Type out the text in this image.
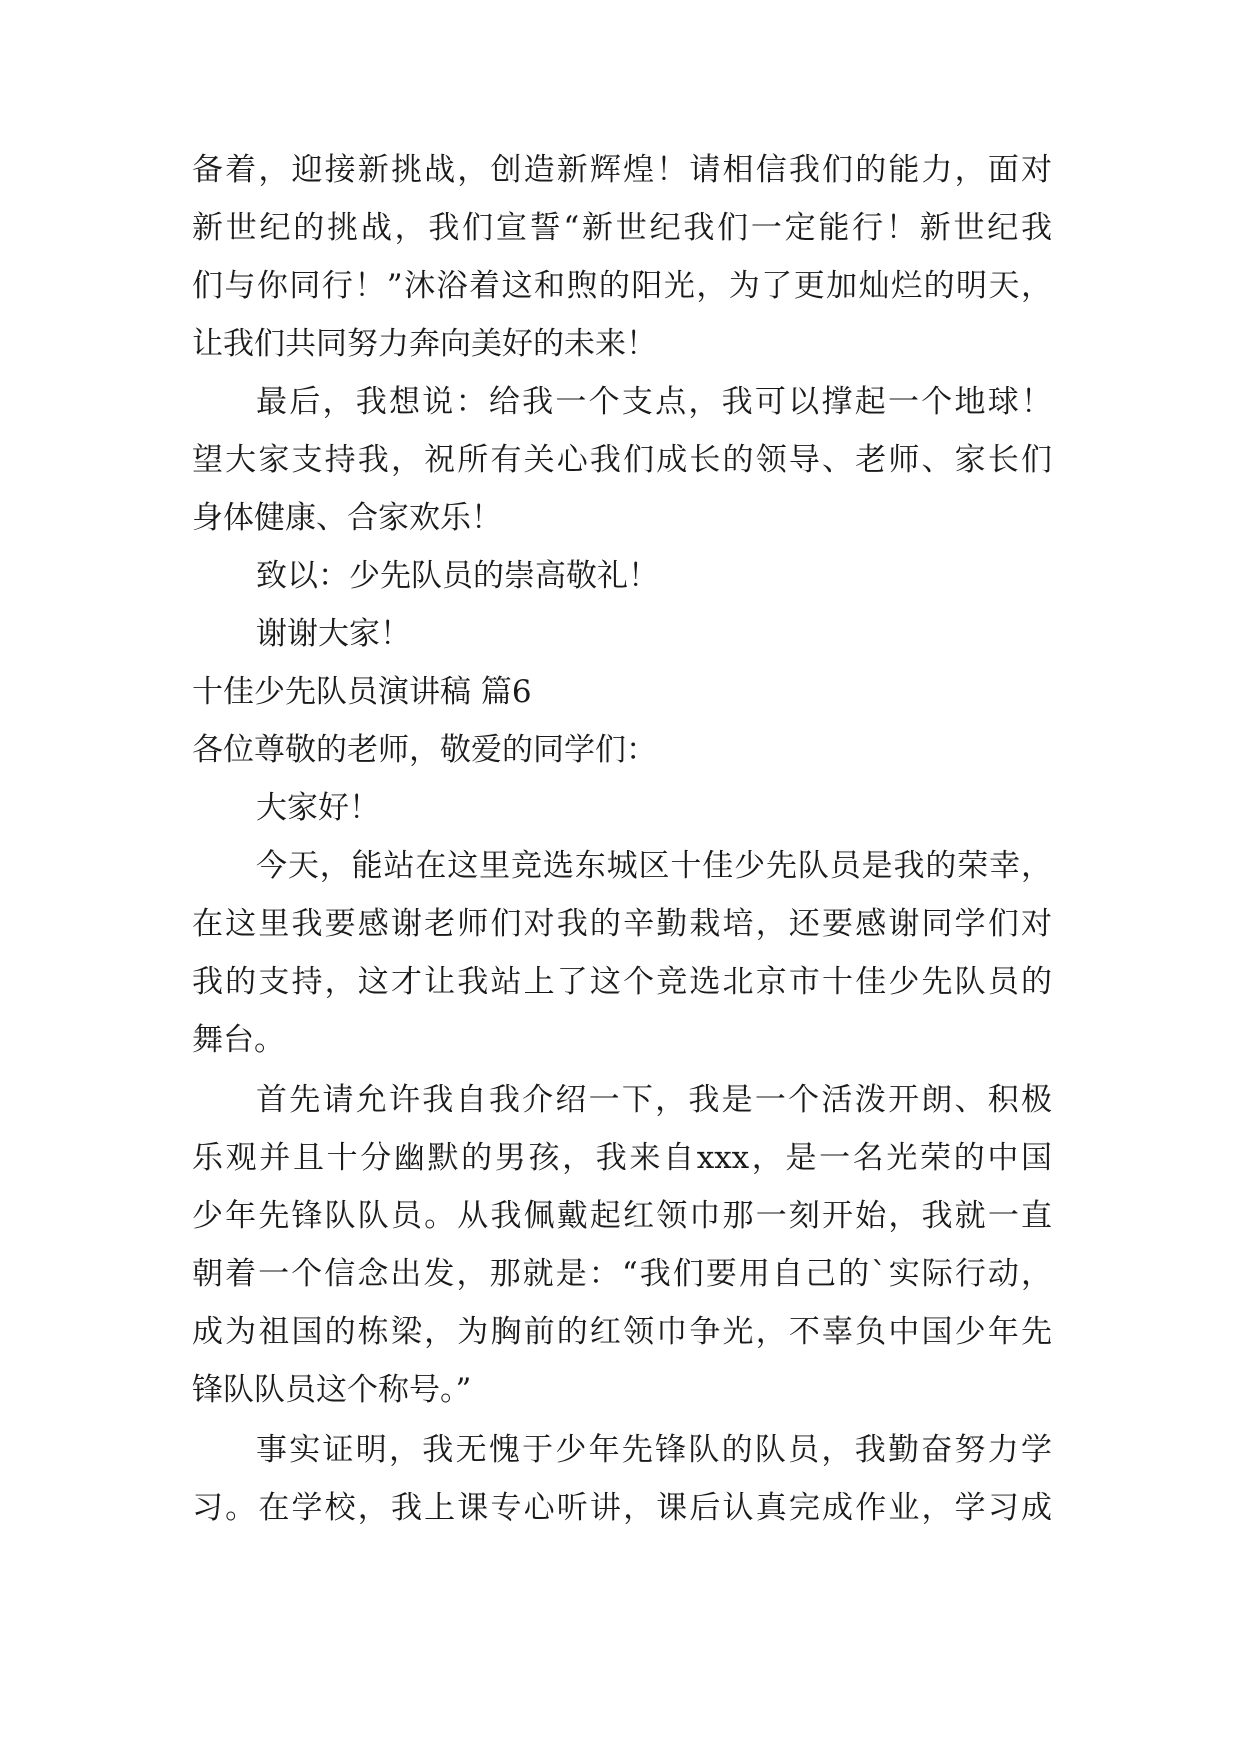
备着，迎接新挑战，创造新辉煌！请相信我们的能力，面对
新世纪的挑战，我们宣誓“新世纪我们一定能行！新世纪我
们与你同行！”沐浴着这和煦的阳光，为了更加灿烂的明天，
让我们共同努力奔向美好的未来！
最后，我想说：给我一个支点，我可以撑起一个地球！
望大家支持我，祝所有关心我们成长的领导、老师、家长们
身体健康、合家欢乐！
致以：少先队员的崇高敬礼！
谢谢大家！
十佳少先队员演讲稿 篇6
各位尊敬的老师，敬爱的同学们：
大家好！
今天，能站在这里竞选东城区十佳少先队员是我的荣幸，
在这里我要感谢老师们对我的辛勤栽培，还要感谢同学们对
我的支持，这才让我站上了这个竞选北京市十佳少先队员的
舞台。
首先请允许我自我介绍一下，我是一个活泼开朗、积极
乐观并且十分幽默的男孩，我来自xxx，是一名光荣的中国
少年先锋队队员。从我佩戴起红领巾那一刻开始，我就一直
朝着一个信念出发，那就是：“我们要用自己的`实际行动，
成为祖国的栋梁，为胸前的红领巾争光，不辜负中国少年先
锋队队员这个称号。”
事实证明，我无愧于少年先锋队的队员，我勤奋努力学
习。在学校，我上课专心听讲，课后认真完成作业，学习成
